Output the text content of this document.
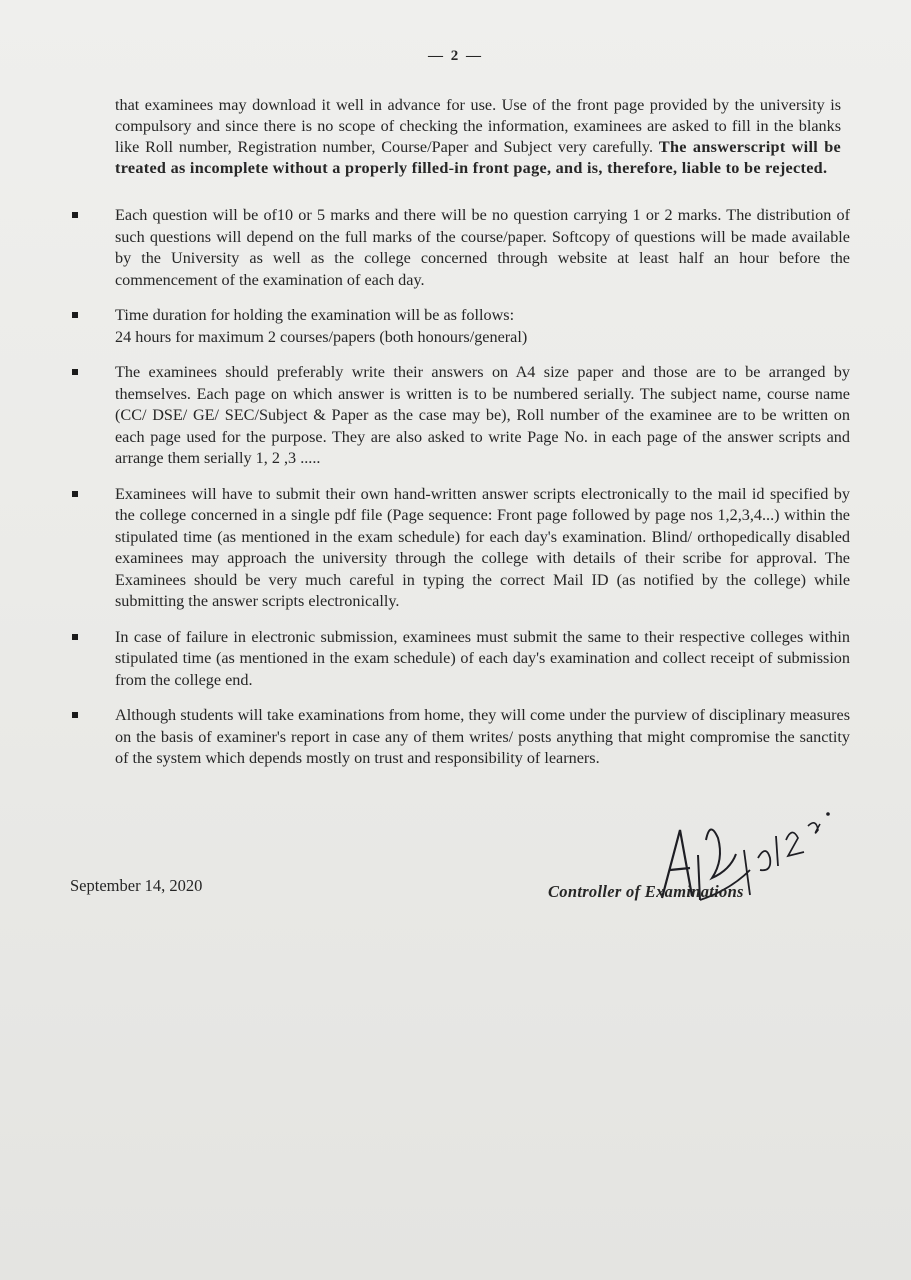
— 2 —
that examinees may download it well in advance for use. Use of the front page provided by the university is compulsory and since there is no scope of checking the information, examinees are asked to fill in the blanks like Roll number, Registration number, Course/Paper and Subject very carefully. The answerscript will be treated as incomplete without a properly filled-in front page, and is, therefore, liable to be rejected.
Each question will be of10 or 5 marks and there will be no question carrying 1 or 2 marks. The distribution of such questions will depend on the full marks of the course/paper. Softcopy of questions will be made available by the University as well as the college concerned through website at least half an hour before the commencement of the examination of each day.
Time duration for holding the examination will be as follows:
24 hours for maximum 2 courses/papers (both honours/general)
The examinees should preferably write their answers on A4 size paper and those are to be arranged by themselves. Each page on which answer is written is to be numbered serially. The subject name, course name (CC/ DSE/ GE/ SEC/Subject & Paper as the case may be), Roll number of the examinee are to be written on each page used for the purpose. They are also asked to write Page No. in each page of the answer scripts and arrange them serially 1, 2 ,3 .....
Examinees will have to submit their own hand-written answer scripts electronically to the mail id specified by the college concerned in a single pdf file (Page sequence: Front page followed by page nos 1,2,3,4...) within the stipulated time (as mentioned in the exam schedule) for each day's examination. Blind/ orthopedically disabled examinees may approach the university through the college with details of their scribe for approval. The Examinees should be very much careful in typing the correct Mail ID (as notified by the college) while submitting the answer scripts electronically.
In case of failure in electronic submission, examinees must submit the same to their respective colleges within stipulated time (as mentioned in the exam schedule) of each day's examination and collect receipt of submission from the college end.
Although students will take examinations from home, they will come under the purview of disciplinary measures on the basis of examiner's report in case any of them writes/ posts anything that might compromise the sanctity of the system which depends mostly on trust and responsibility of learners.
September 14, 2020	Controller of Examinations
